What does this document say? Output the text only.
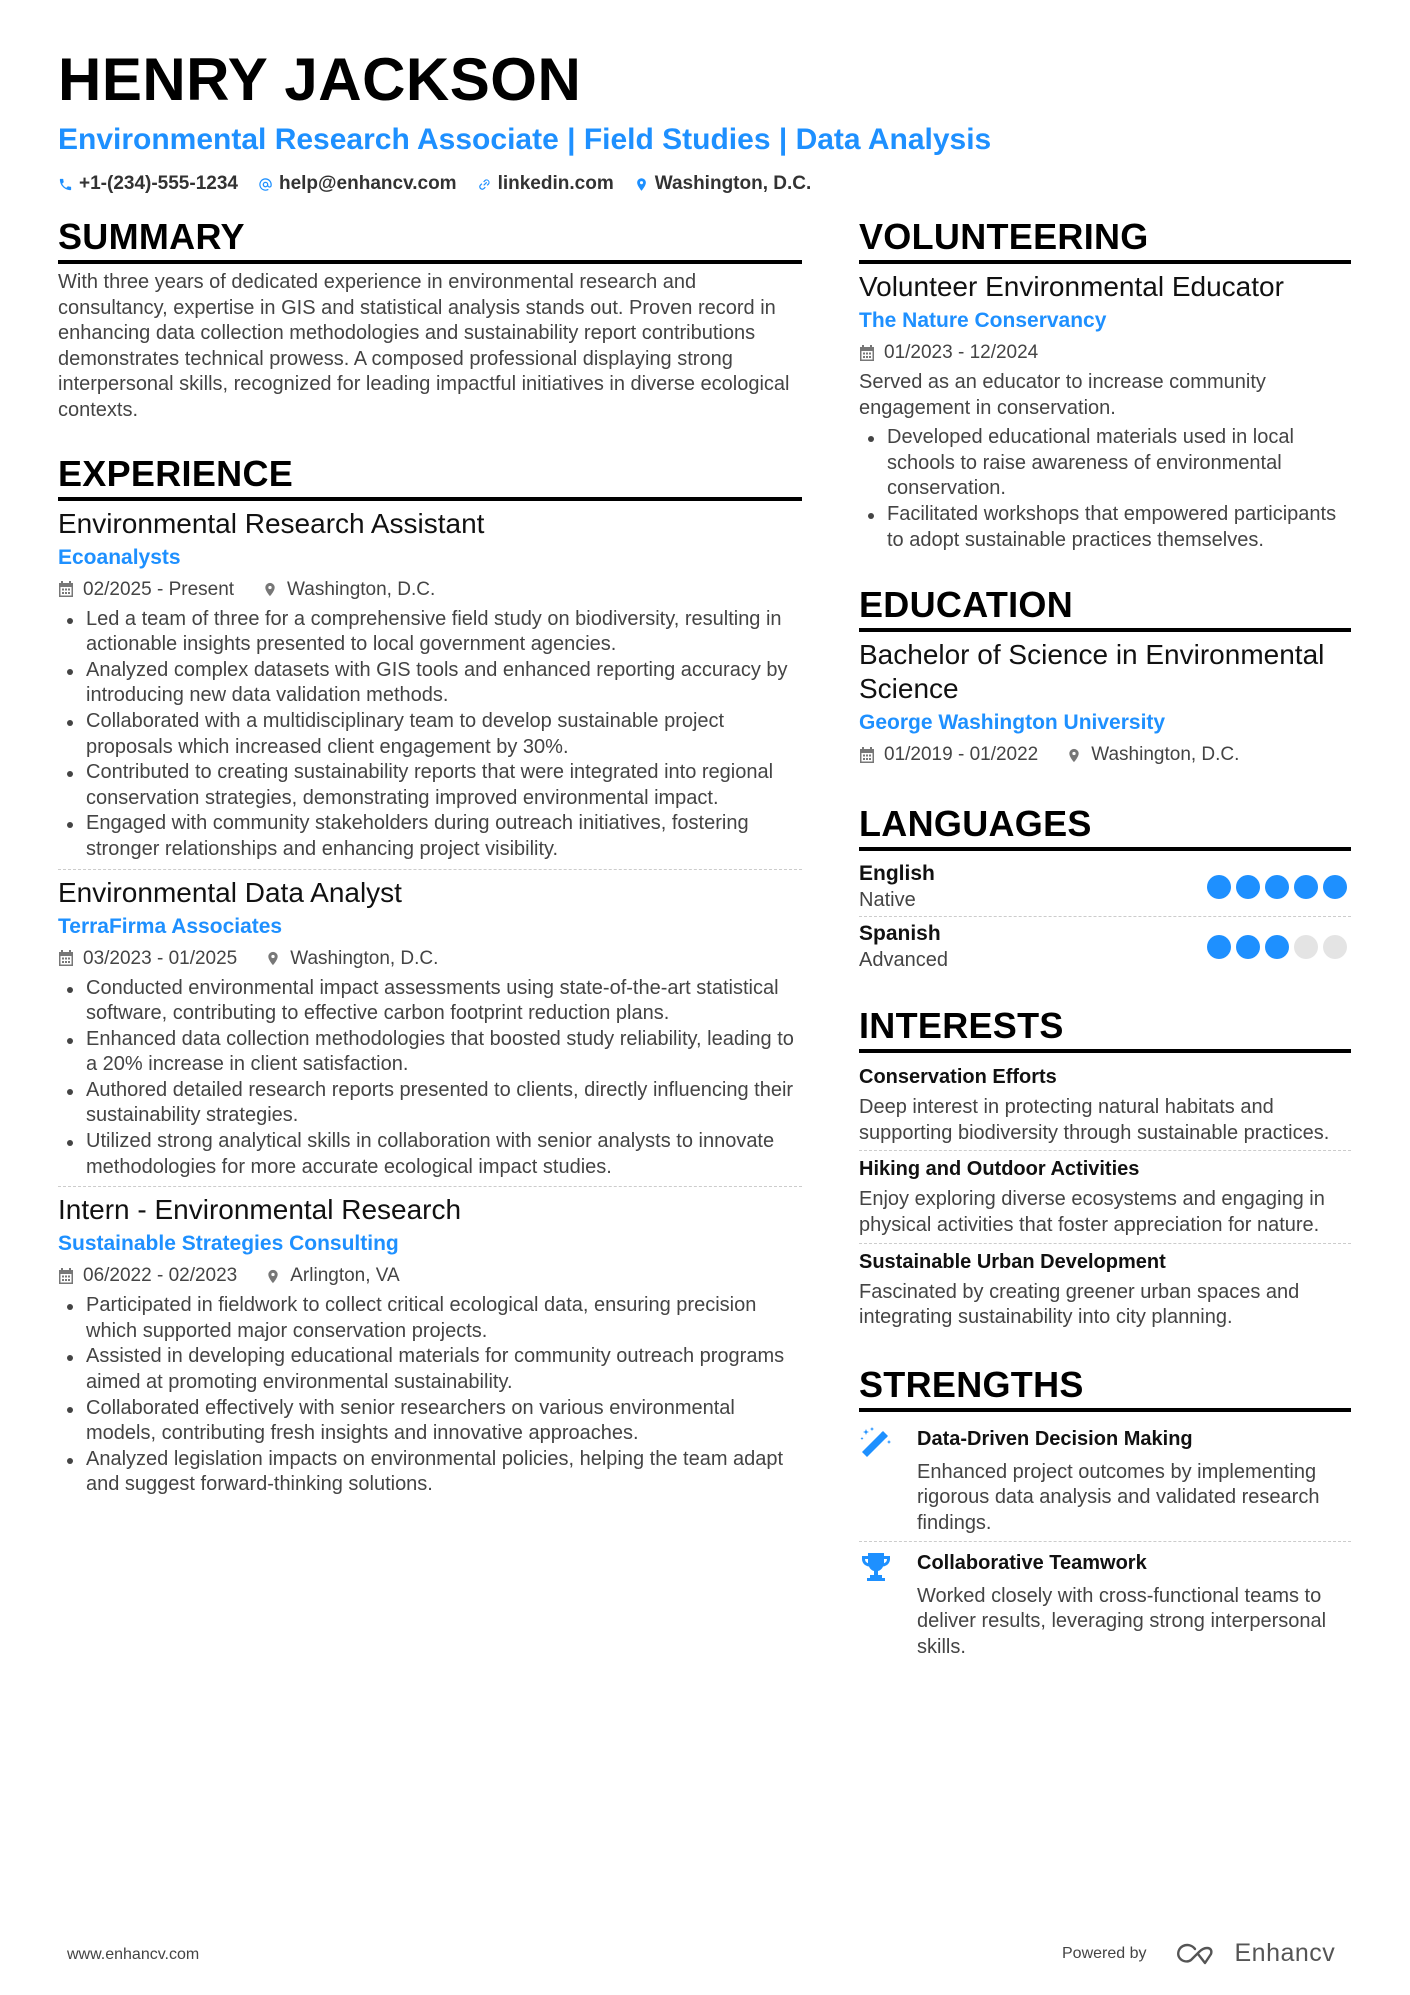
HENRY JACKSON
Environmental Research Associate | Field Studies | Data Analysis
+1-(234)-555-1234 help@enhancv.com linkedin.com Washington, D.C.
SUMMARY
With three years of dedicated experience in environmental research and consultancy, expertise in GIS and statistical analysis stands out. Proven record in enhancing data collection methodologies and sustainability report contributions demonstrates technical prowess. A composed professional displaying strong interpersonal skills, recognized for leading impactful initiatives in diverse ecological contexts.
EXPERIENCE
Environmental Research Assistant
Ecoanalysts
02/2025 - Present	Washington, D.C.
Led a team of three for a comprehensive field study on biodiversity, resulting in actionable insights presented to local government agencies.
Analyzed complex datasets with GIS tools and enhanced reporting accuracy by introducing new data validation methods.
Collaborated with a multidisciplinary team to develop sustainable project proposals which increased client engagement by 30%.
Contributed to creating sustainability reports that were integrated into regional conservation strategies, demonstrating improved environmental impact.
Engaged with community stakeholders during outreach initiatives, fostering stronger relationships and enhancing project visibility.
Environmental Data Analyst
TerraFirma Associates
03/2023 - 01/2025	Washington, D.C.
Conducted environmental impact assessments using state-of-the-art statistical software, contributing to effective carbon footprint reduction plans.
Enhanced data collection methodologies that boosted study reliability, leading to a 20% increase in client satisfaction.
Authored detailed research reports presented to clients, directly influencing their sustainability strategies.
Utilized strong analytical skills in collaboration with senior analysts to innovate methodologies for more accurate ecological impact studies.
Intern - Environmental Research
Sustainable Strategies Consulting
06/2022 - 02/2023	Arlington, VA
Participated in fieldwork to collect critical ecological data, ensuring precision which supported major conservation projects.
Assisted in developing educational materials for community outreach programs aimed at promoting environmental sustainability.
Collaborated effectively with senior researchers on various environmental models, contributing fresh insights and innovative approaches.
Analyzed legislation impacts on environmental policies, helping the team adapt and suggest forward-thinking solutions.
VOLUNTEERING
Volunteer Environmental Educator
The Nature Conservancy
01/2023 - 12/2024
Served as an educator to increase community engagement in conservation.
Developed educational materials used in local schools to raise awareness of environmental conservation.
Facilitated workshops that empowered participants to adopt sustainable practices themselves.
EDUCATION
Bachelor of Science in Environmental Science
George Washington University
01/2019 - 01/2022	Washington, D.C.
LANGUAGES
English
Native
Spanish
Advanced
INTERESTS
Conservation Efforts
Deep interest in protecting natural habitats and supporting biodiversity through sustainable practices.
Hiking and Outdoor Activities
Enjoy exploring diverse ecosystems and engaging in physical activities that foster appreciation for nature.
Sustainable Urban Development
Fascinated by creating greener urban spaces and integrating sustainability into city planning.
STRENGTHS
Data-Driven Decision Making
Enhanced project outcomes by implementing rigorous data analysis and validated research findings.
Collaborative Teamwork
Worked closely with cross-functional teams to deliver results, leveraging strong interpersonal skills.
www.enhancv.com	Powered by	Enhancv
